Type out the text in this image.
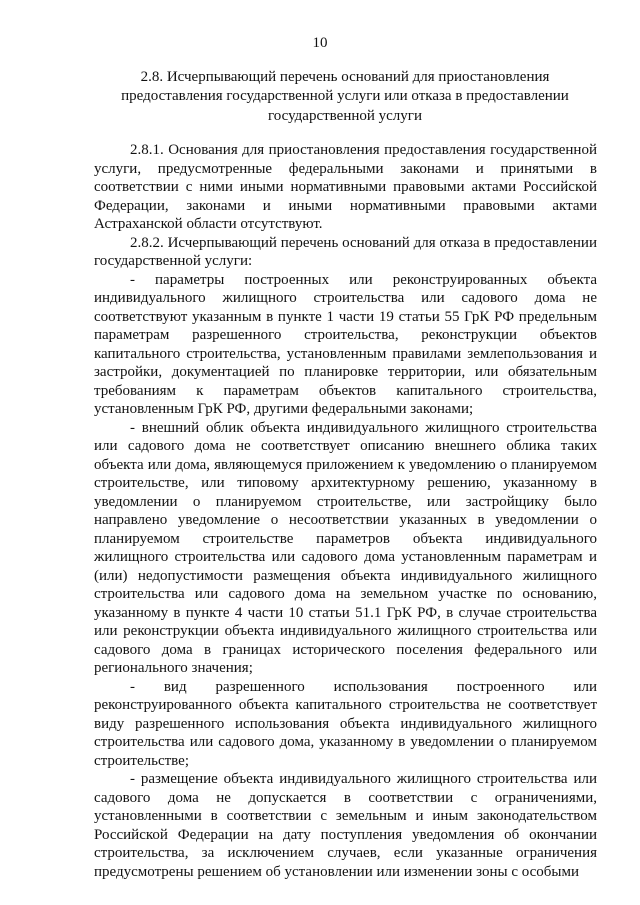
10
2.8. Исчерпывающий перечень оснований для приостановления предоставления государственной услуги или отказа в предоставлении государственной услуги

2.8.1. Основания для приостановления предоставления государственной услуги, предусмотренные федеральными законами и принятыми в соответствии с ними иными нормативными правовыми актами Российской Федерации, законами и иными нормативными правовыми актами Астраханской области отсутствуют.

2.8.2. Исчерпывающий перечень оснований для отказа в предоставлении государственной услуги:

- параметры построенных или реконструированных объекта индивидуального жилищного строительства или садового дома не соответствуют указанным в пункте 1 части 19 статьи 55 ГрК РФ предельным параметрам разрешенного строительства, реконструкции объектов капитального строительства, установленным правилами землепользования и застройки, документацией по планировке территории, или обязательным требованиям к параметрам объектов капитального строительства, установленным ГрК РФ, другими федеральными законами;

- внешний облик объекта индивидуального жилищного строительства или садового дома не соответствует описанию внешнего облика таких объекта или дома, являющемуся приложением к уведомлению о планируемом строительстве, или типовому архитектурному решению, указанному в уведомлении о планируемом строительстве, или застройщику было направлено уведомление о несоответствии указанных в уведомлении о планируемом строительстве параметров объекта индивидуального жилищного строительства или садового дома установленным параметрам и (или) недопустимости размещения объекта индивидуального жилищного строительства или садового дома на земельном участке по основанию, указанному в пункте 4 части 10 статьи 51.1 ГрК РФ, в случае строительства или реконструкции объекта индивидуального жилищного строительства или садового дома в границах исторического поселения федерального или регионального значения;

- вид разрешенного использования построенного или реконструированного объекта капитального строительства не соответствует виду разрешенного использования объекта индивидуального жилищного строительства или садового дома, указанному в уведомлении о планируемом строительстве;

- размещение объекта индивидуального жилищного строительства или садового дома не допускается в соответствии с ограничениями, установленными в соответствии с земельным и иным законодательством Российской Федерации на дату поступления уведомления об окончании строительства, за исключением случаев, если указанные ограничения предусмотрены решением об установлении или изменении зоны с особыми
